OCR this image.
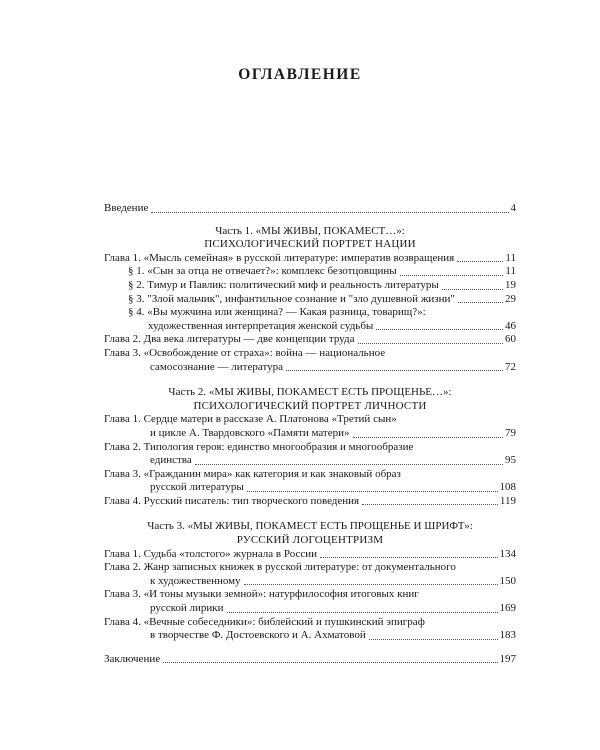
ОГЛАВЛЕНИЕ
Введение	4
Часть 1. «МЫ ЖИВЫ, ПОКАМЕСТ…»:
ПСИХОЛОГИЧЕСКИЙ ПОРТРЕТ НАЦИИ
Глава 1. «Мысль семейная» в русской литературе: императив возвращения	11
§ 1. «Сын за отца не отвечает?»: комплекс безотцовщины	11
§ 2. Тимур и Павлик: политический миф и реальность литературы	19
§ 3. "Злой мальчик", инфантильное сознание и "зло душевной жизни"	29
§ 4. «Вы мужчина или женщина? — Какая разница, товарищ?»:
художественная интерпретация женской судьбы	46
Глава 2. Два века литературы — две концепции труда	60
Глава 3. «Освобождение от страха»: война — национальное
самосознание — литература	72
Часть 2. «МЫ ЖИВЫ, ПОКАМЕСТ ЕСТЬ ПРОЩЕНЬЕ…»:
ПСИХОЛОГИЧЕСКИЙ ПОРТРЕТ ЛИЧНОСТИ
Глава 1. Сердце матери в рассказе А. Платонова «Третий сын»
и цикле А. Твардовского «Памяти матери»	79
Глава 2. Типология героя: единство многообразия и многообразие
единства	95
Глава 3. «Гражданин мира» как категория и как знаковый образ
русской литературы	108
Глава 4. Русский писатель: тип творческого поведения	119
Часть 3. «МЫ ЖИВЫ, ПОКАМЕСТ ЕСТЬ ПРОЩЕНЬЕ И ШРИФТ»:
РУССКИЙ ЛОГОЦЕНТРИЗМ
Глава 1. Судьба «толстого» журнала в России	134
Глава 2. Жанр записных книжек в русской литературе: от документального
к художественному	150
Глава 3. «И тоны музыки земной»: натурфилософия итоговых книг
русской лирики	169
Глава 4. «Вечные собеседники»: библейский и пушкинский эпиграф
в творчестве Ф. Достоевского и А. Ахматовой	183
Заключение	197
